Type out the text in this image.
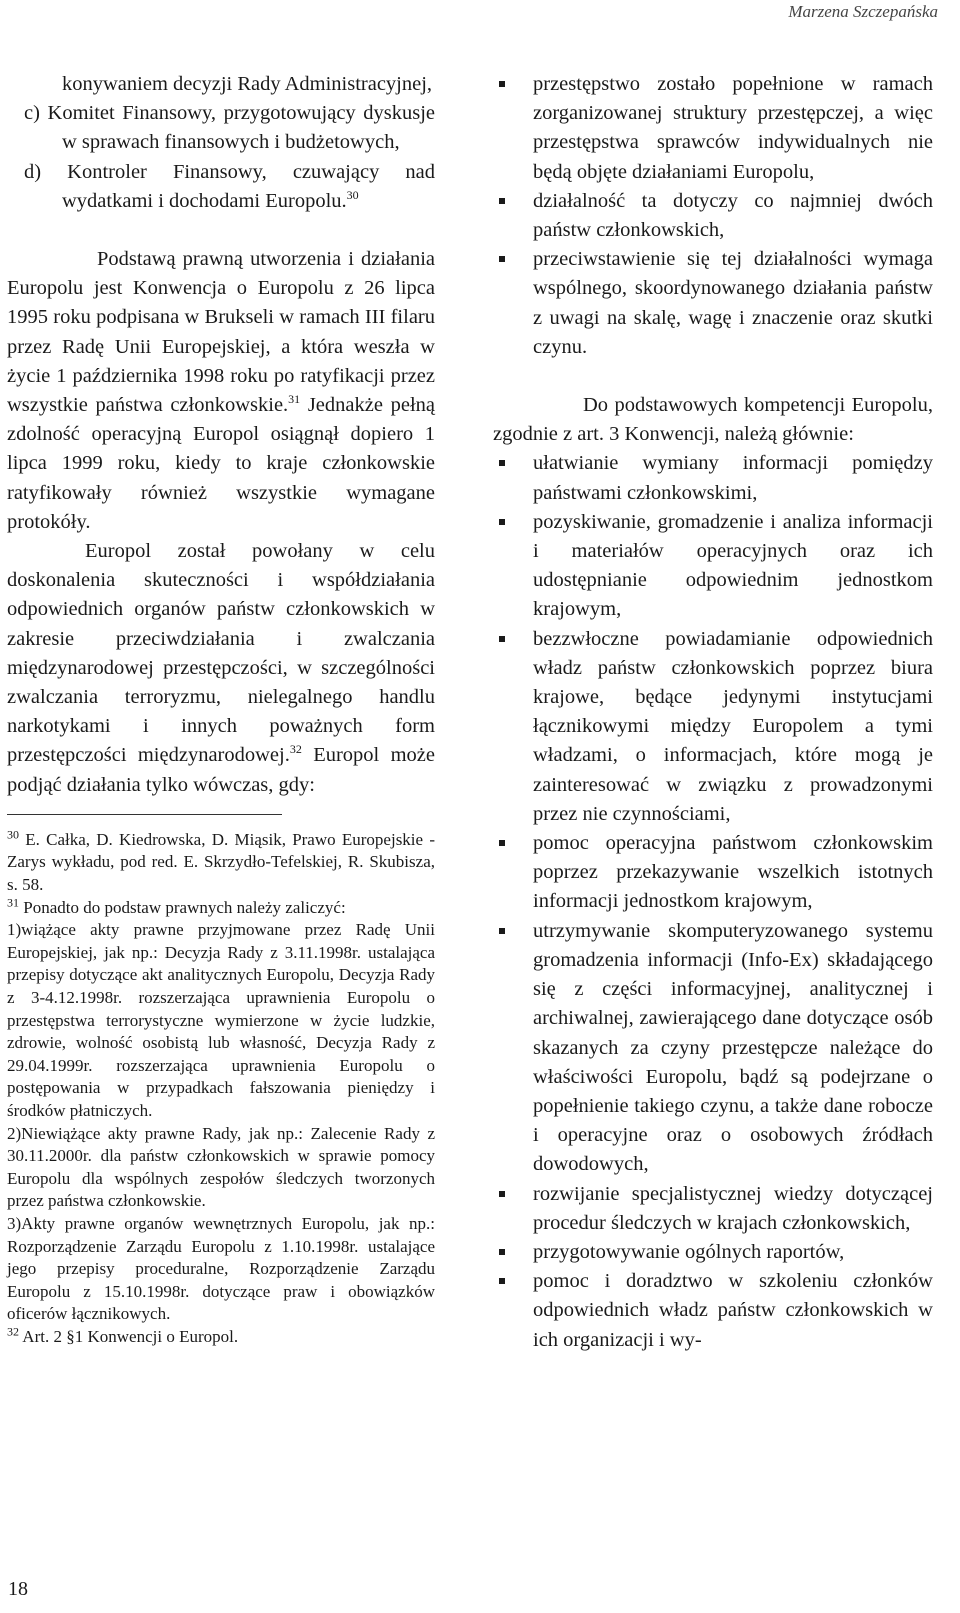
Marzena Szczepańska

konywaniem decyzji Rady Administracyjnej,

c) Komitet Finansowy, przygotowujący dyskusje w sprawach finansowych i budżetowych,

d) Kontroler Finansowy, czuwający nad wydatkami i dochodami Europolu.$^{30}$

Podstawą prawną utworzenia i działania Europolu jest Konwencja o Europolu z 26 lipca 1995 roku podpisana w Brukseli w ramach III filaru przez Radę Unii Europejskiej, a która weszła w życie 1 października 1998 roku po ratyfikacji przez wszystkie państwa członkowskie.$^{31}$ Jednakże pełną zdolność operacyjną Europol osiągnął dopiero 1 lipca 1999 roku, kiedy to kraje członkowskie ratyfikowały również wszystkie wymagane protokóły.

Europol został powołany w celu doskonalenia skuteczności i współdziałania odpowiednich organów państw członkowskich w zakresie przeciwdziałania i zwalczania międzynarodowej przestępczości, w szczególności zwalczania terroryzmu, nielegalnego handlu narkotykami i innych poważnych form przestępczości międzynarodowej.$^{32}$ Europol może podjąć działania tylko wówczas, gdy:

$^{30}$ E. Całka, D. Kiedrowska, D. Miąsik, Prawo Europejskie - Zarys wykładu, pod red. E. Skrzydło-Tefelskiej, R. Skubisza, s. 58.

$^{31}$ Ponadto do podstaw prawnych należy zaliczyć:

1)wiążące akty prawne przyjmowane przez Radę Unii Europejskiej, jak np.: Decyzja Rady z 3.11.1998r. ustalająca przepisy dotyczące akt analitycznych Europolu, Decyzja Rady z 3-4.12.1998r. rozszerzająca uprawnienia Europolu o przestępstwa terrorystyczne wymierzone w życie ludzkie, zdrowie, wolność osobistą lub własność, Decyzja Rady z 29.04.1999r. rozszerzająca uprawnienia Europolu o postępowania w przypadkach fałszowania pieniędzy i środków płatniczych.

2)Niewiążące akty prawne Rady, jak np.: Zalecenie Rady z 30.11.2000r. dla państw członkowskich w sprawie pomocy Europolu dla wspólnych zespołów śledczych tworzonych przez państwa członkowskie.

3)Akty prawne organów wewnętrznych Europolu, jak np.: Rozporządzenie Zarządu Europolu z 1.10.1998r. ustalające jego przepisy proceduralne, Rozporządzenie Zarządu Europolu z 15.10.1998r. dotyczące praw i obowiązków oficerów łącznikowych.

$^{32}$ Art. 2 §1 Konwencji o Europol.

przestępstwo zostało popełnione w ramach zorganizowanej struktury przestępczej, a więc przestępstwa sprawców indywidualnych nie będą objęte działaniami Europolu,
działalność ta dotyczy co najmniej dwóch państw członkowskich,
przeciwstawienie się tej działalności wymaga wspólnego, skoordynowanego działania państw z uwagi na skalę, wagę i znaczenie oraz skutki czynu.

Do podstawowych kompetencji Europolu, zgodnie z art. 3 Konwencji, należą głównie:

ułatwianie wymiany informacji pomiędzy państwami członkowskimi,
pozyskiwanie, gromadzenie i analiza informacji i materiałów operacyjnych oraz ich udostępnianie odpowiednim jednostkom krajowym,
bezzwłoczne powiadamianie odpowiednich władz państw członkowskich poprzez biura krajowe, będące jedynymi instytucjami łącznikowymi między Europolem a tymi władzami, o informacjach, które mogą je zainteresować w związku z prowadzonymi przez nie czynnościami,
pomoc operacyjna państwom członkowskim poprzez przekazywanie wszelkich istotnych informacji jednostkom krajowym,
utrzymywanie skomputeryzowanego systemu gromadzenia informacji (Info-Ex) składającego się z części informacyjnej, analitycznej i archiwalnej, zawierającego dane dotyczące osób skazanych za czyny przestępcze należące do właściwości Europolu, bądź są podejrzane o popełnienie takiego czynu, a także dane robocze i operacyjne oraz o osobowych źródłach dowodowych,
rozwijanie specjalistycznej wiedzy dotyczącej procedur śledczych w krajach członkowskich,
przygotowywanie ogólnych raportów,
pomoc i doradztwo w szkoleniu członków odpowiednich władz państw członkowskich w ich organizacji i wy-
18
